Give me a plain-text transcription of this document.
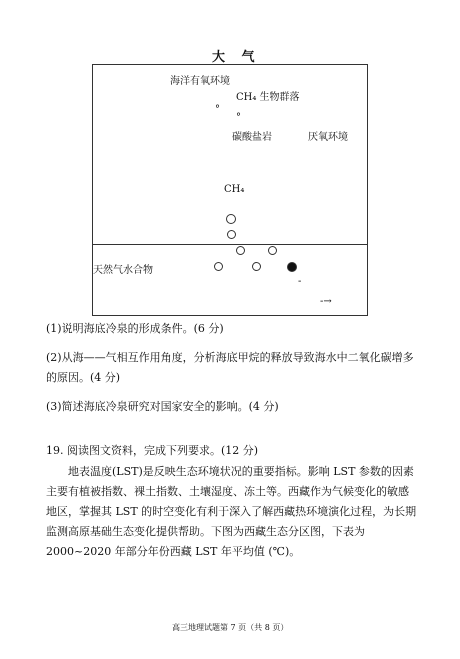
大 气
海洋有氧环境
CH₄ 生物群落
°
°
碳酸盐岩	厌氧环境
CH₄
天然气水合物
-
-→
(1)说明海底冷泉的形成条件。(6 分)
(2)从海——气相互作用角度，分析海底甲烷的释放导致海水中二氧化碳增多的原因。(4 分)
(3)简述海底冷泉研究对国家安全的影响。(4 分)
19. 阅读图文资料，完成下列要求。(12 分)
地表温度(LST)是反映生态环境状况的重要指标。影响 LST 参数的因素主要有植被指数、裸土指数、土壤湿度、冻土等。西藏作为气候变化的敏感地区，掌握其 LST 的时空变化有利于深入了解西藏热环境演化过程，为长期监测高原基础生态变化提供帮助。下图为西藏生态分区图，下表为 2000~2020 年部分年份西藏 LST 年平均值 (℃)。
高三地理试题第 7 页（共 8 页）
